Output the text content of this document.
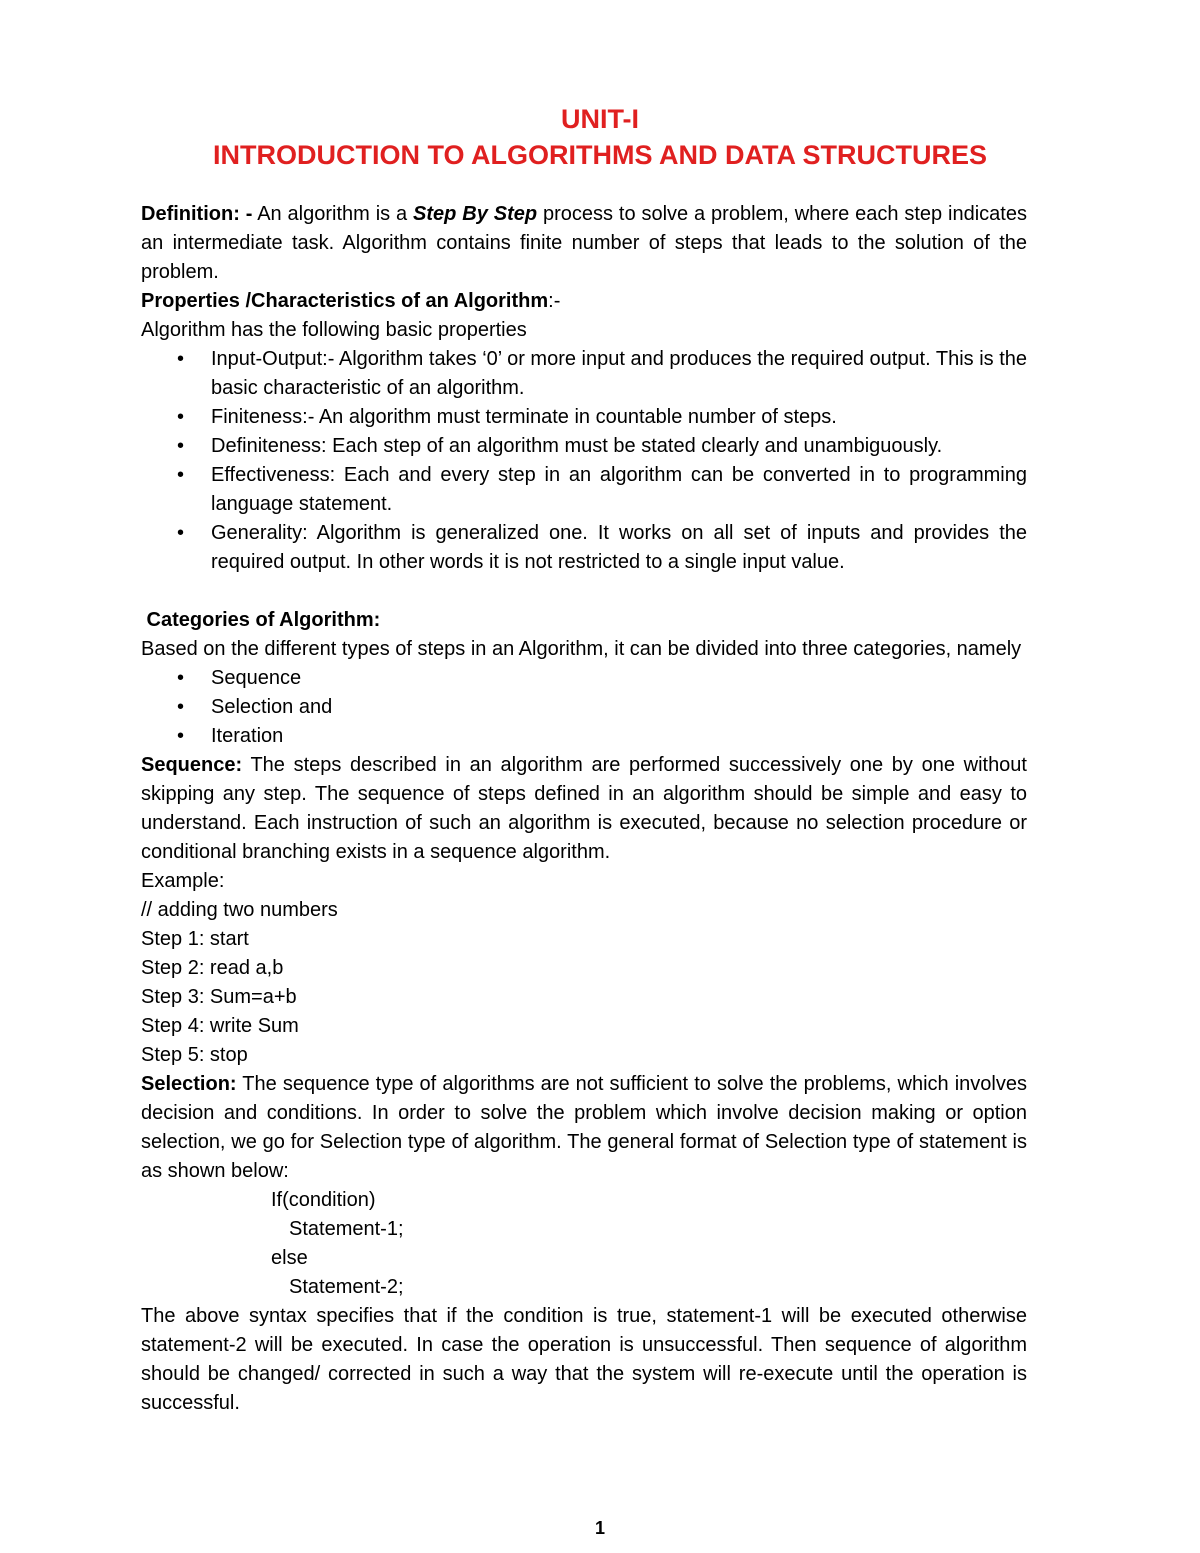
UNIT-I
INTRODUCTION TO ALGORITHMS AND DATA STRUCTURES

Definition: - An algorithm is a Step By Step process to solve a problem, where each step indicates an intermediate task. Algorithm contains finite number of steps that leads to the solution of the problem.

Properties /Characteristics of an Algorithm:-

Algorithm has the following basic properties

• Input-Output:- Algorithm takes ‘0’ or more input and produces the required output. This is the basic characteristic of an algorithm.
• Finiteness:- An algorithm must terminate in countable number of steps.
• Definiteness: Each step of an algorithm must be stated clearly and unambiguously.
• Effectiveness: Each and every step in an algorithm can be converted in to programming language statement.
• Generality: Algorithm is generalized one. It works on all set of inputs and provides the required output. In other words it is not restricted to a single input value.

Categories of Algorithm:

Based on the different types of steps in an Algorithm, it can be divided into three categories, namely

• Sequence
• Selection and
• Iteration

Sequence: The steps described in an algorithm are performed successively one by one without skipping any step. The sequence of steps defined in an algorithm should be simple and easy to understand. Each instruction of such an algorithm is executed, because no selection procedure or conditional branching exists in a sequence algorithm.

Example:

// adding two numbers

Step 1: start

Step 2: read a,b

Step 3: Sum=a+b

Step 4: write Sum

Step 5: stop

Selection: The sequence type of algorithms are not sufficient to solve the problems, which involves decision and conditions. In order to solve the problem which involve decision making or option selection, we go for Selection type of algorithm. The general format of Selection type of statement is as shown below:

If(condition)

Statement-1;

else

Statement-2;

The above syntax specifies that if the condition is true, statement-1 will be executed otherwise statement-2 will be executed. In case the operation is unsuccessful. Then sequence of algorithm should be changed/ corrected in such a way that the system will re-execute until the operation is successful.

1
